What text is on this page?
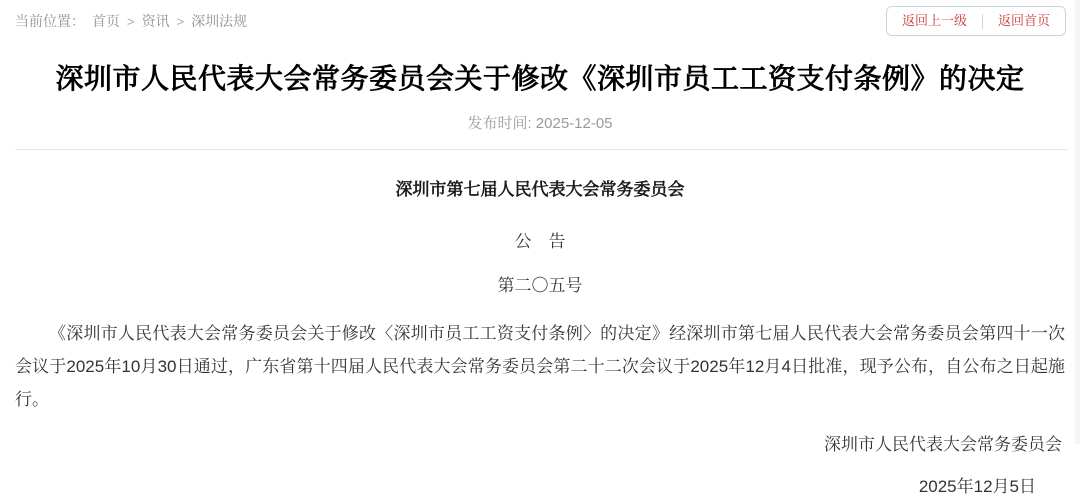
当前位置： 首页 > 资讯 > 深圳法规	返回上一级	返回首页
深圳市人民代表大会常务委员会关于修改《深圳市员工工资支付条例》的决定
发布时间: 2025-12-05
深圳市第七届人民代表大会常务委员会
公　告
第二〇五号

《深圳市人民代表大会常务委员会关于修改〈深圳市员工工资支付条例〉的决定》经深圳市第七届人民代表大会常务委员会第四十一次会议于2025年10月30日通过，广东省第十四届人民代表大会常务委员会第二十二次会议于2025年12月4日批准，现予公布，自公布之日起施行。

深圳市人民代表大会常务委员会
2025年12月5日
